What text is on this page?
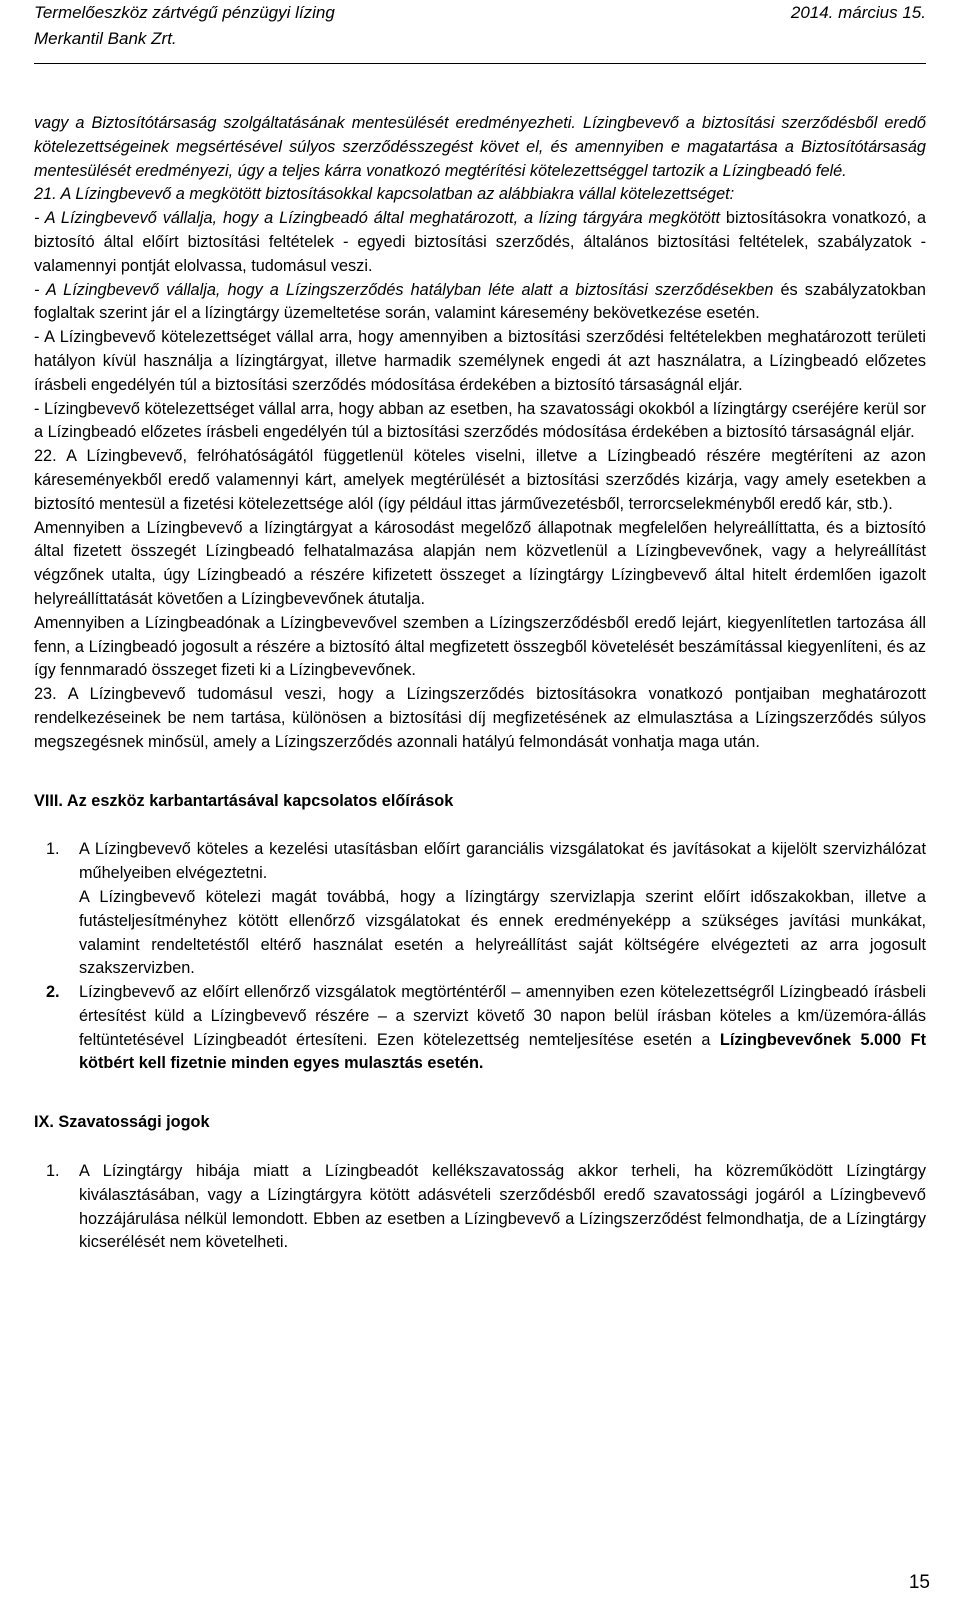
Termelőeszköz zártvégű pénzügyi lízing	2014. március 15.
Merkantil Bank Zrt.

vagy a Biztosítótársaság szolgáltatásának mentesülését eredményezheti. Lízingbevevő a biztosítási szerződésből eredő kötelezettségeinek megsértésével súlyos szerződésszegést követ el, és amennyiben e magatartása a Biztosítótársaság mentesülését eredményezi, úgy a teljes kárra vonatkozó megtérítési kötelezettséggel tartozik a Lízingbeadó felé.

21. A Lízingbevevő a megkötött biztosításokkal kapcsolatban az alábbiakra vállal kötelezettséget:

- A Lízingbevevő vállalja, hogy a Lízingbeadó által meghatározott, a lízing tárgyára megkötött biztosításokra vonatkozó, a biztosító által előírt biztosítási feltételek - egyedi biztosítási szerződés, általános biztosítási feltételek, szabályzatok - valamennyi pontját elolvassa, tudomásul veszi.

- A Lízingbevevő vállalja, hogy a Lízingszerződés hatályban léte alatt a biztosítási szerződésekben és szabályzatokban foglaltak szerint jár el a lízingtárgy üzemeltetése során, valamint káresemény bekövetkezése esetén.

- A Lízingbevevő kötelezettséget vállal arra, hogy amennyiben a biztosítási szerződési feltételekben meghatározott területi hatályon kívül használja a lízingtárgyat, illetve harmadik személynek engedi át azt használatra, a Lízingbeadó előzetes írásbeli engedélyén túl a biztosítási szerződés módosítása érdekében a biztosító társaságnál eljár.

- Lízingbevevő kötelezettséget vállal arra, hogy abban az esetben, ha szavatossági okokból a lízingtárgy cseréjére kerül sor a Lízingbeadó előzetes írásbeli engedélyén túl a biztosítási szerződés módosítása érdekében a biztosító társaságnál eljár.

22. A Lízingbevevő, felróhatóságától függetlenül köteles viselni, illetve a Lízingbeadó részére megtéríteni az azon káreseményekből eredő valamennyi kárt, amelyek megtérülését a biztosítási szerződés kizárja, vagy amely esetekben a biztosító mentesül a fizetési kötelezettsége alól (így például ittas járművezetésből, terrorcselekményből eredő kár, stb.).

Amennyiben a Lízingbevevő a lízingtárgyat a károsodást megelőző állapotnak megfelelően helyreállíttatta, és a biztosító által fizetett összegét Lízingbeadó felhatalmazása alapján nem közvetlenül a Lízingbevevőnek, vagy a helyreállítást végzőnek utalta, úgy Lízingbeadó a részére kifizetett összeget a lízingtárgy Lízingbevevő által hitelt érdemlően igazolt helyreállíttatását követően a Lízingbevevőnek átutalja.

Amennyiben a Lízingbeadónak a Lízingbevevővel szemben a Lízingszerződésből eredő lejárt, kiegyenlítetlen tartozása áll fenn, a Lízingbeadó jogosult a részére a biztosító által megfizetett összegből követelését beszámítással kiegyenlíteni, és az így fennmaradó összeget fizeti ki a Lízingbevevőnek.

23. A Lízingbevevő tudomásul veszi, hogy a Lízingszerződés biztosításokra vonatkozó pontjaiban meghatározott rendelkezéseinek be nem tartása, különösen a biztosítási díj megfizetésének az elmulasztása a Lízingszerződés súlyos megszegésnek minősül, amely a Lízingszerződés azonnali hatályú felmondását vonhatja maga után.

VIII. Az eszköz karbantartásával kapcsolatos előírások
1. A Lízingbevevő köteles a kezelési utasításban előírt garanciális vizsgálatokat és javításokat a kijelölt szervizhálózat műhelyeiben elvégeztetni.

A Lízingbevevő kötelezi magát továbbá, hogy a lízingtárgy szervizlapja szerint előírt időszakokban, illetve a futásteljesítményhez kötött ellenőrző vizsgálatokat és ennek eredményeképp a szükséges javítási munkákat, valamint rendeltetéstől eltérő használat esetén a helyreállítást saját költségére elvégezteti az arra jogosult szakszervizben.

2. Lízingbevevő az előírt ellenőrző vizsgálatok megtörténtéről – amennyiben ezen kötelezettségről Lízingbeadó írásbeli értesítést küld a Lízingbevevő részére – a szervizt követő 30 napon belül írásban köteles a km/üzemóra-állás feltüntetésével Lízingbeadót értesíteni. Ezen kötelezettség nemteljesítése esetén a Lízingbevevőnek 5.000 Ft kötbért kell fizetnie minden egyes mulasztás esetén.

IX. Szavatossági jogok
1. A Lízingtárgy hibája miatt a Lízingbeadót kellékszavatosság akkor terheli, ha közreműködött Lízingtárgy kiválasztásában, vagy a Lízingtárgyra kötött adásvételi szerződésből eredő szavatossági jogáról a Lízingbevevő hozzájárulása nélkül lemondott. Ebben az esetben a Lízingbevevő a Lízingszerződést felmondhatja, de a Lízingtárgy kicserélését nem követelheti.

15
